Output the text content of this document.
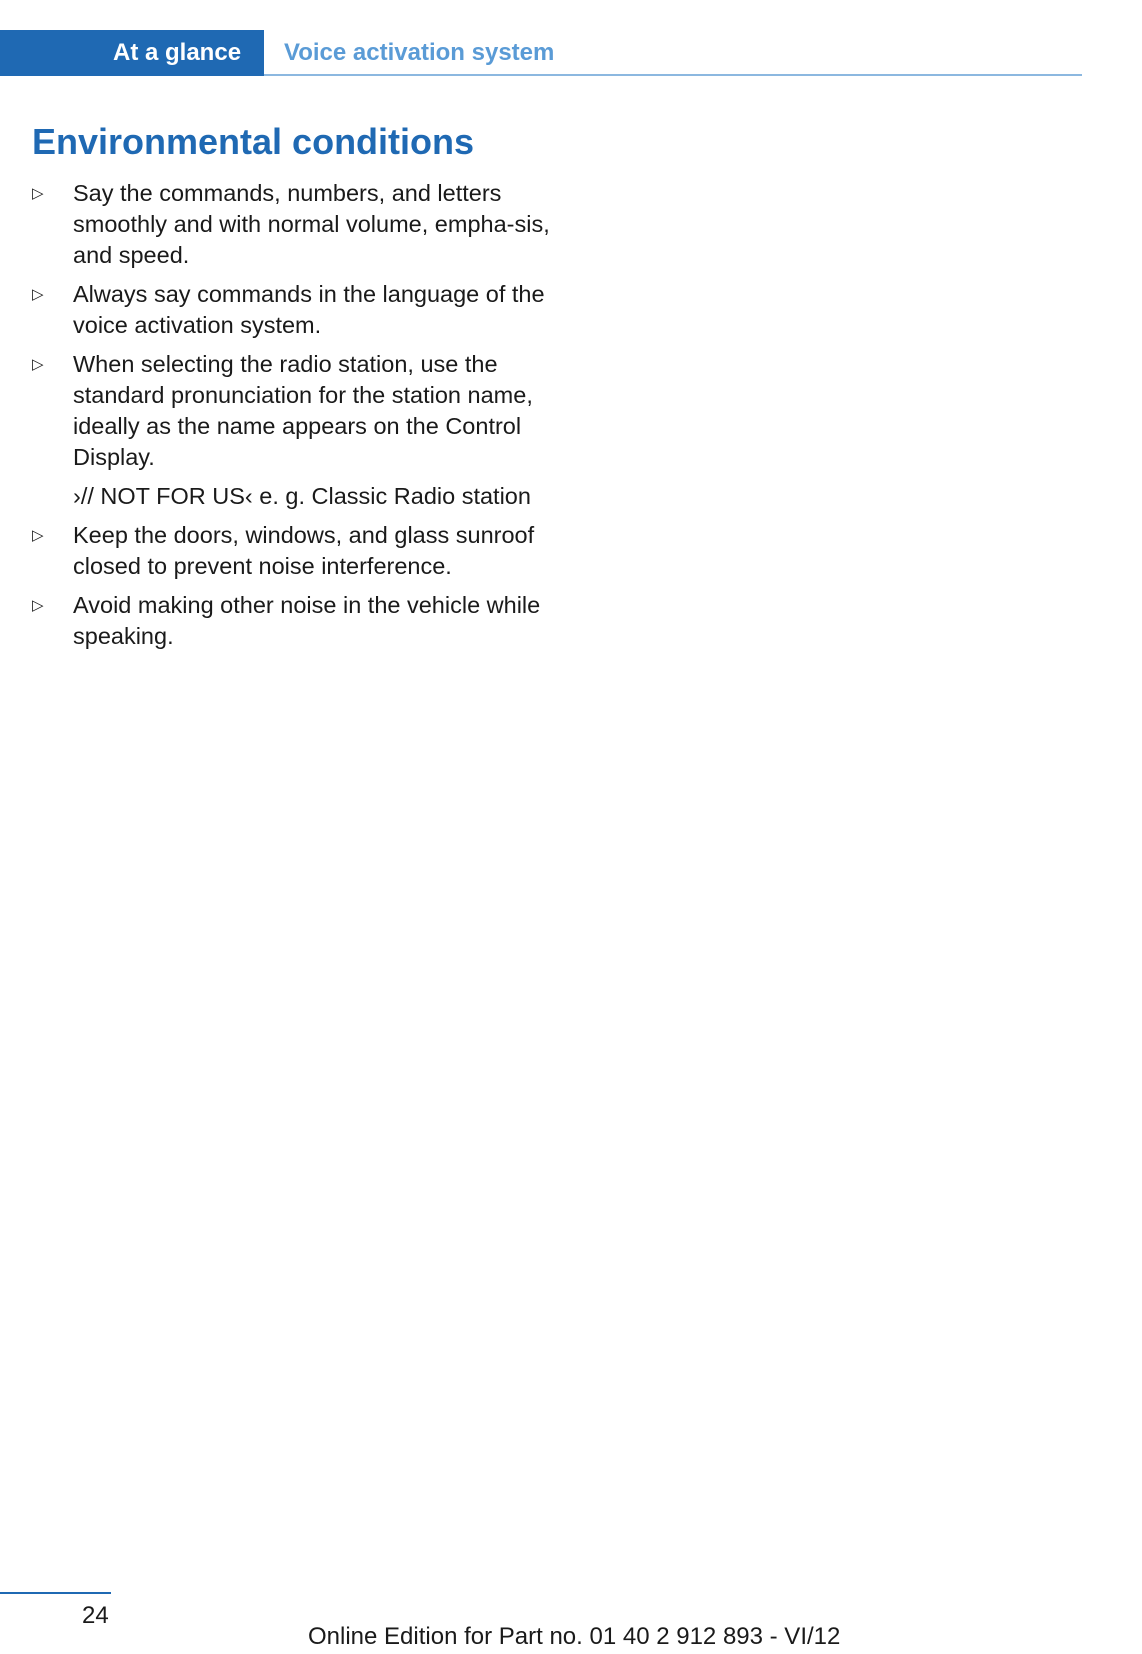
At a glance	Voice activation system
Environmental conditions
▷ Say the commands, numbers, and letters smoothly and with normal volume, empha-sis, and speed.
▷ Always say commands in the language of the voice activation system.
▷ When selecting the radio station, use the standard pronunciation for the station name, ideally as the name appears on the Control Display.
›// NOT FOR US‹ e. g. Classic Radio station
▷ Keep the doors, windows, and glass sunroof closed to prevent noise interference.
▷ Avoid making other noise in the vehicle while speaking.
24
Online Edition for Part no. 01 40 2 912 893 - VI/12
